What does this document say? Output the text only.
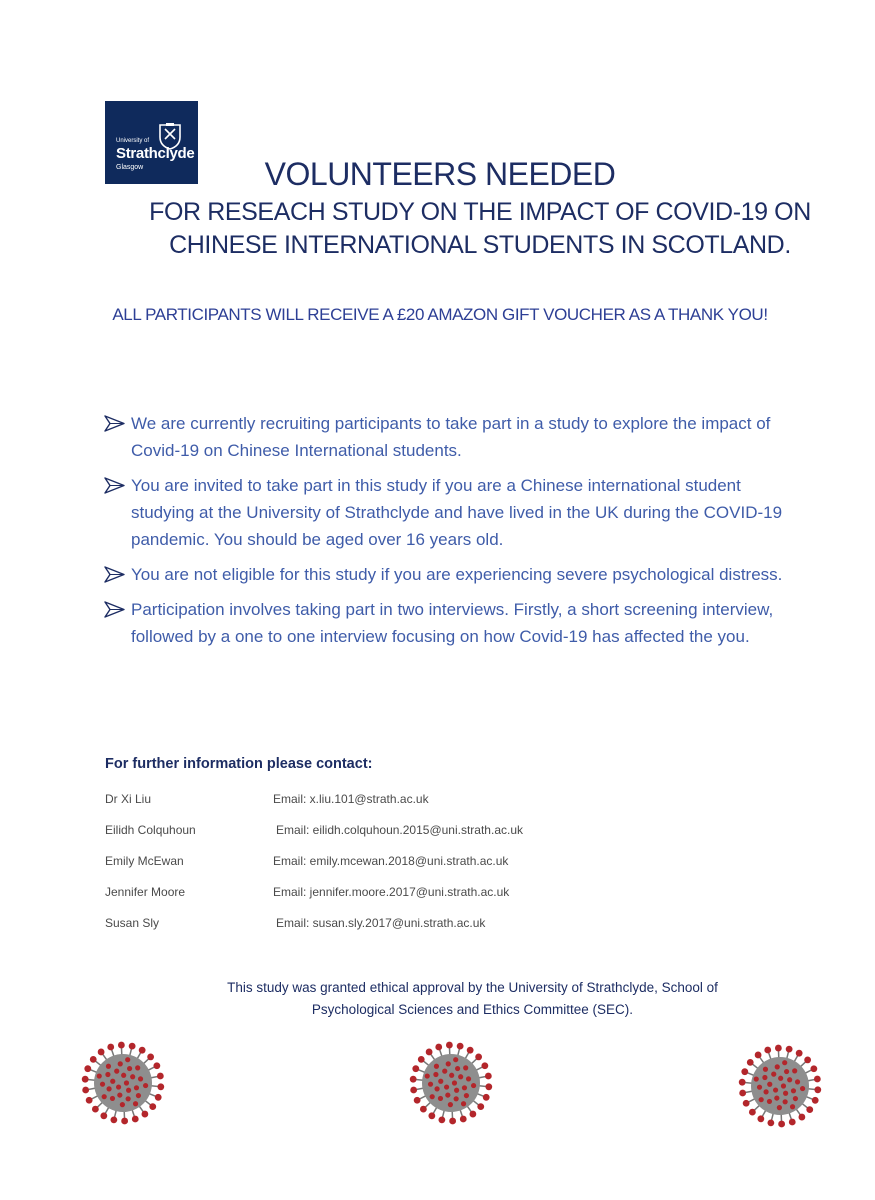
University of
Strathclyde
Glasgow	VOLUNTEERS NEEDED
FOR RESEACH STUDY ON THE IMPACT OF COVID-19 ON CHINESE INTERNATIONAL STUDENTS IN SCOTLAND.
ALL PARTICIPANTS WILL RECEIVE A £20 AMAZON GIFT VOUCHER AS A THANK YOU!
We are currently recruiting participants to take part in a study to explore the impact of Covid-19 on Chinese International students.
You are invited to take part in this study if you are a Chinese international student studying at the University of Strathclyde and have lived in the UK during the COVID-19 pandemic. You should be aged over 16 years old.
You are not eligible for this study if you are experiencing severe psychological distress.
Participation involves taking part in two interviews. Firstly, a short screening interview, followed by a one to one interview focusing on how Covid-19 has affected the you.
For further information please contact:
Dr Xi Liu	Email: x.liu.101@strath.ac.uk
Eilidh Colquhoun	Email: eilidh.colquhoun.2015@uni.strath.ac.uk
Emily McEwan	Email: emily.mcewan.2018@uni.strath.ac.uk
Jennifer Moore	Email: jennifer.moore.2017@uni.strath.ac.uk
Susan Sly	Email: susan.sly.2017@uni.strath.ac.uk
This study was granted ethical approval by the University of Strathclyde, School of
Psychological Sciences and Ethics Committee (SEC).
